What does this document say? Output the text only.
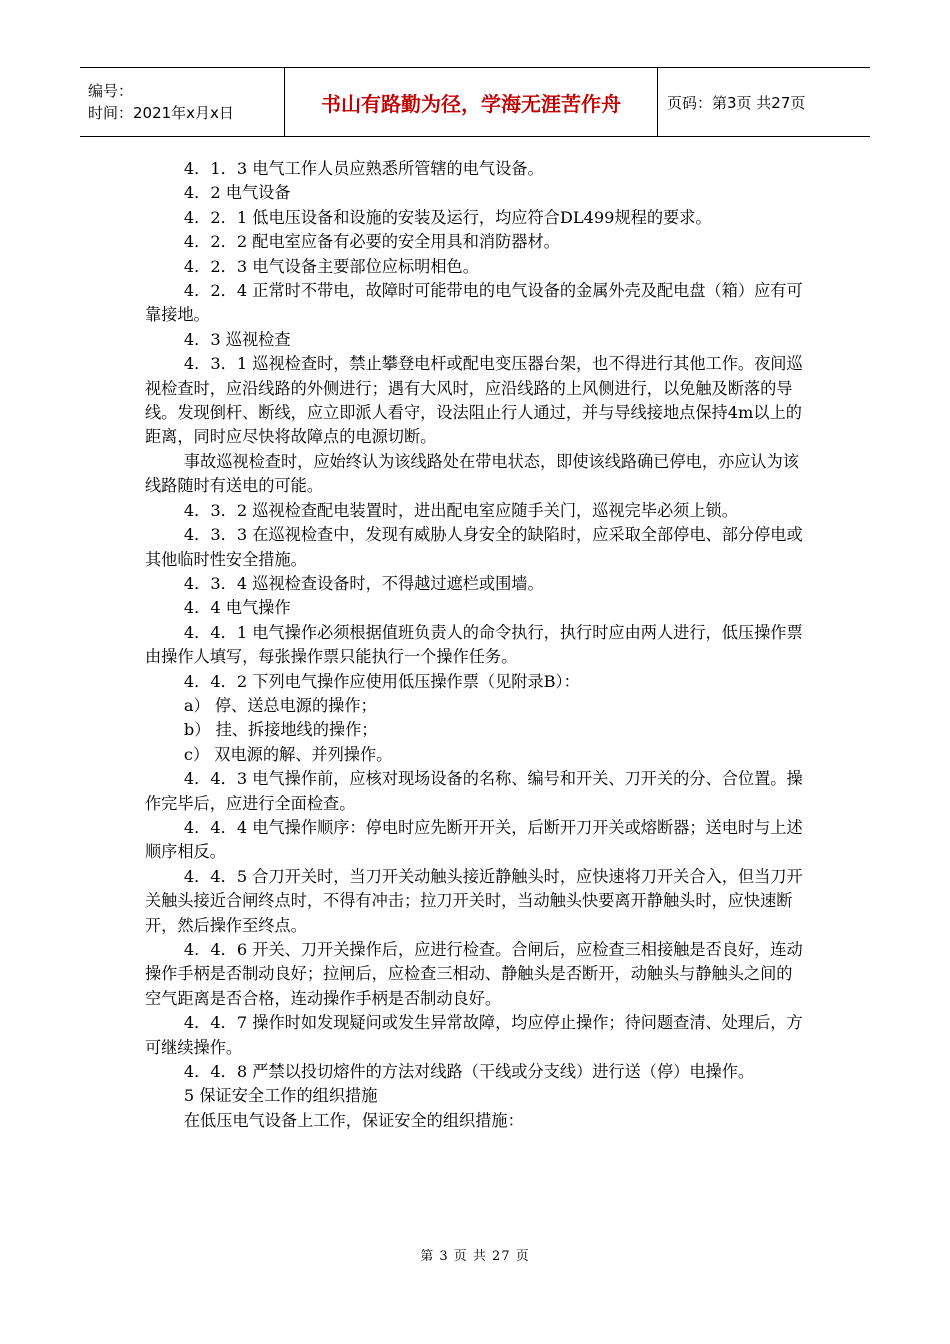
编号：
时间：2021年x月x日	书山有路勤为径，学海无涯苦作舟	页码：第3页 共27页

4．1．3 电气工作人员应熟悉所管辖的电气设备。

4．2 电气设备

4．2．1 低电压设备和设施的安装及运行，均应符合DL499规程的要求。

4．2．2 配电室应备有必要的安全用具和消防器材。

4．2．3 电气设备主要部位应标明相色。

4．2．4 正常时不带电，故障时可能带电的电气设备的金属外壳及配电盘（箱）应有可靠接地。

4．3 巡视检查

4．3．1 巡视检查时，禁止攀登电杆或配电变压器台架，也不得进行其他工作。夜间巡视检查时，应沿线路的外侧进行；遇有大风时，应沿线路的上风侧进行，以免触及断落的导线。发现倒杆、断线，应立即派人看守，设法阻止行人通过，并与导线接地点保持4m以上的距离，同时应尽快将故障点的电源切断。

事故巡视检查时，应始终认为该线路处在带电状态，即使该线路确已停电，亦应认为该线路随时有送电的可能。

4．3．2 巡视检查配电装置时，进出配电室应随手关门，巡视完毕必须上锁。

4．3．3 在巡视检查中，发现有威胁人身安全的缺陷时，应采取全部停电、部分停电或其他临时性安全措施。

4．3．4 巡视检查设备时，不得越过遮栏或围墙。

4．4 电气操作

4．4．1 电气操作必须根据值班负责人的命令执行，执行时应由两人进行，低压操作票由操作人填写，每张操作票只能执行一个操作任务。

4．4．2 下列电气操作应使用低压操作票（见附录B）：

a） 停、送总电源的操作；

b） 挂、拆接地线的操作；

c） 双电源的解、并列操作。

4．4．3 电气操作前，应核对现场设备的名称、编号和开关、刀开关的分、合位置。操作完毕后，应进行全面检查。

4．4．4 电气操作顺序：停电时应先断开开关，后断开刀开关或熔断器；送电时与上述顺序相反。

4．4．5 合刀开关时，当刀开关动触头接近静触头时，应快速将刀开关合入，但当刀开关触头接近合闸终点时，不得有冲击；拉刀开关时，当动触头快要离开静触头时，应快速断开，然后操作至终点。

4．4．6 开关、刀开关操作后，应进行检查。合闸后，应检查三相接触是否良好，连动操作手柄是否制动良好；拉闸后，应检查三相动、静触头是否断开，动触头与静触头之间的空气距离是否合格，连动操作手柄是否制动良好。

4．4．7 操作时如发现疑问或发生异常故障，均应停止操作；待问题查清、处理后，方可继续操作。

4．4．8 严禁以投切熔件的方法对线路（干线或分支线）进行送（停）电操作。

5 保证安全工作的组织措施

在低压电气设备上工作，保证安全的组织措施：

第 3 页 共 27 页
